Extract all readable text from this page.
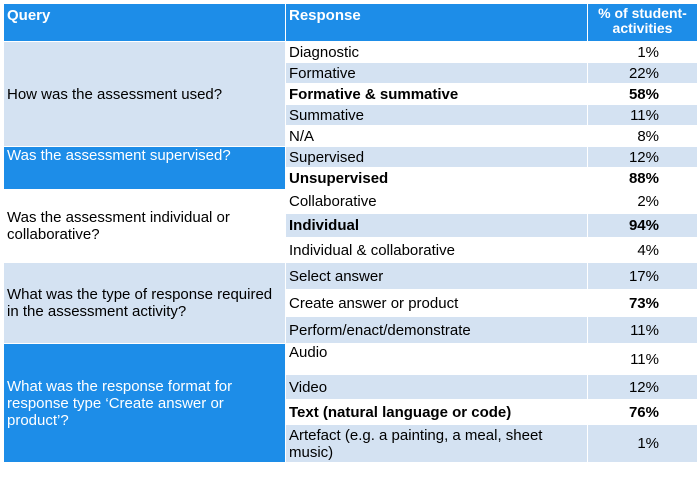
Query	Response	% of student-activities
How was the assessment used?	Diagnostic	1%
	Formative	22%
	Formative & summative	58%
	Summative	11%
	N/A	8%
Was the assessment supervised?	Supervised	12%
	Unsupervised	88%
Was the assessment individual or collaborative?	Collaborative	2%
	Individual	94%
	Individual & collaborative	4%
What was the type of response required in the assessment activity?	Select answer	17%
	Create answer or product	73%
	Perform/enact/demonstrate	11%
What was the response format for response type ‘Create answer or product’?	Audio	11%
	Video	12%
	Text (natural language or code)	76%
	Artefact (e.g. a painting, a meal, sheet music)	1%
